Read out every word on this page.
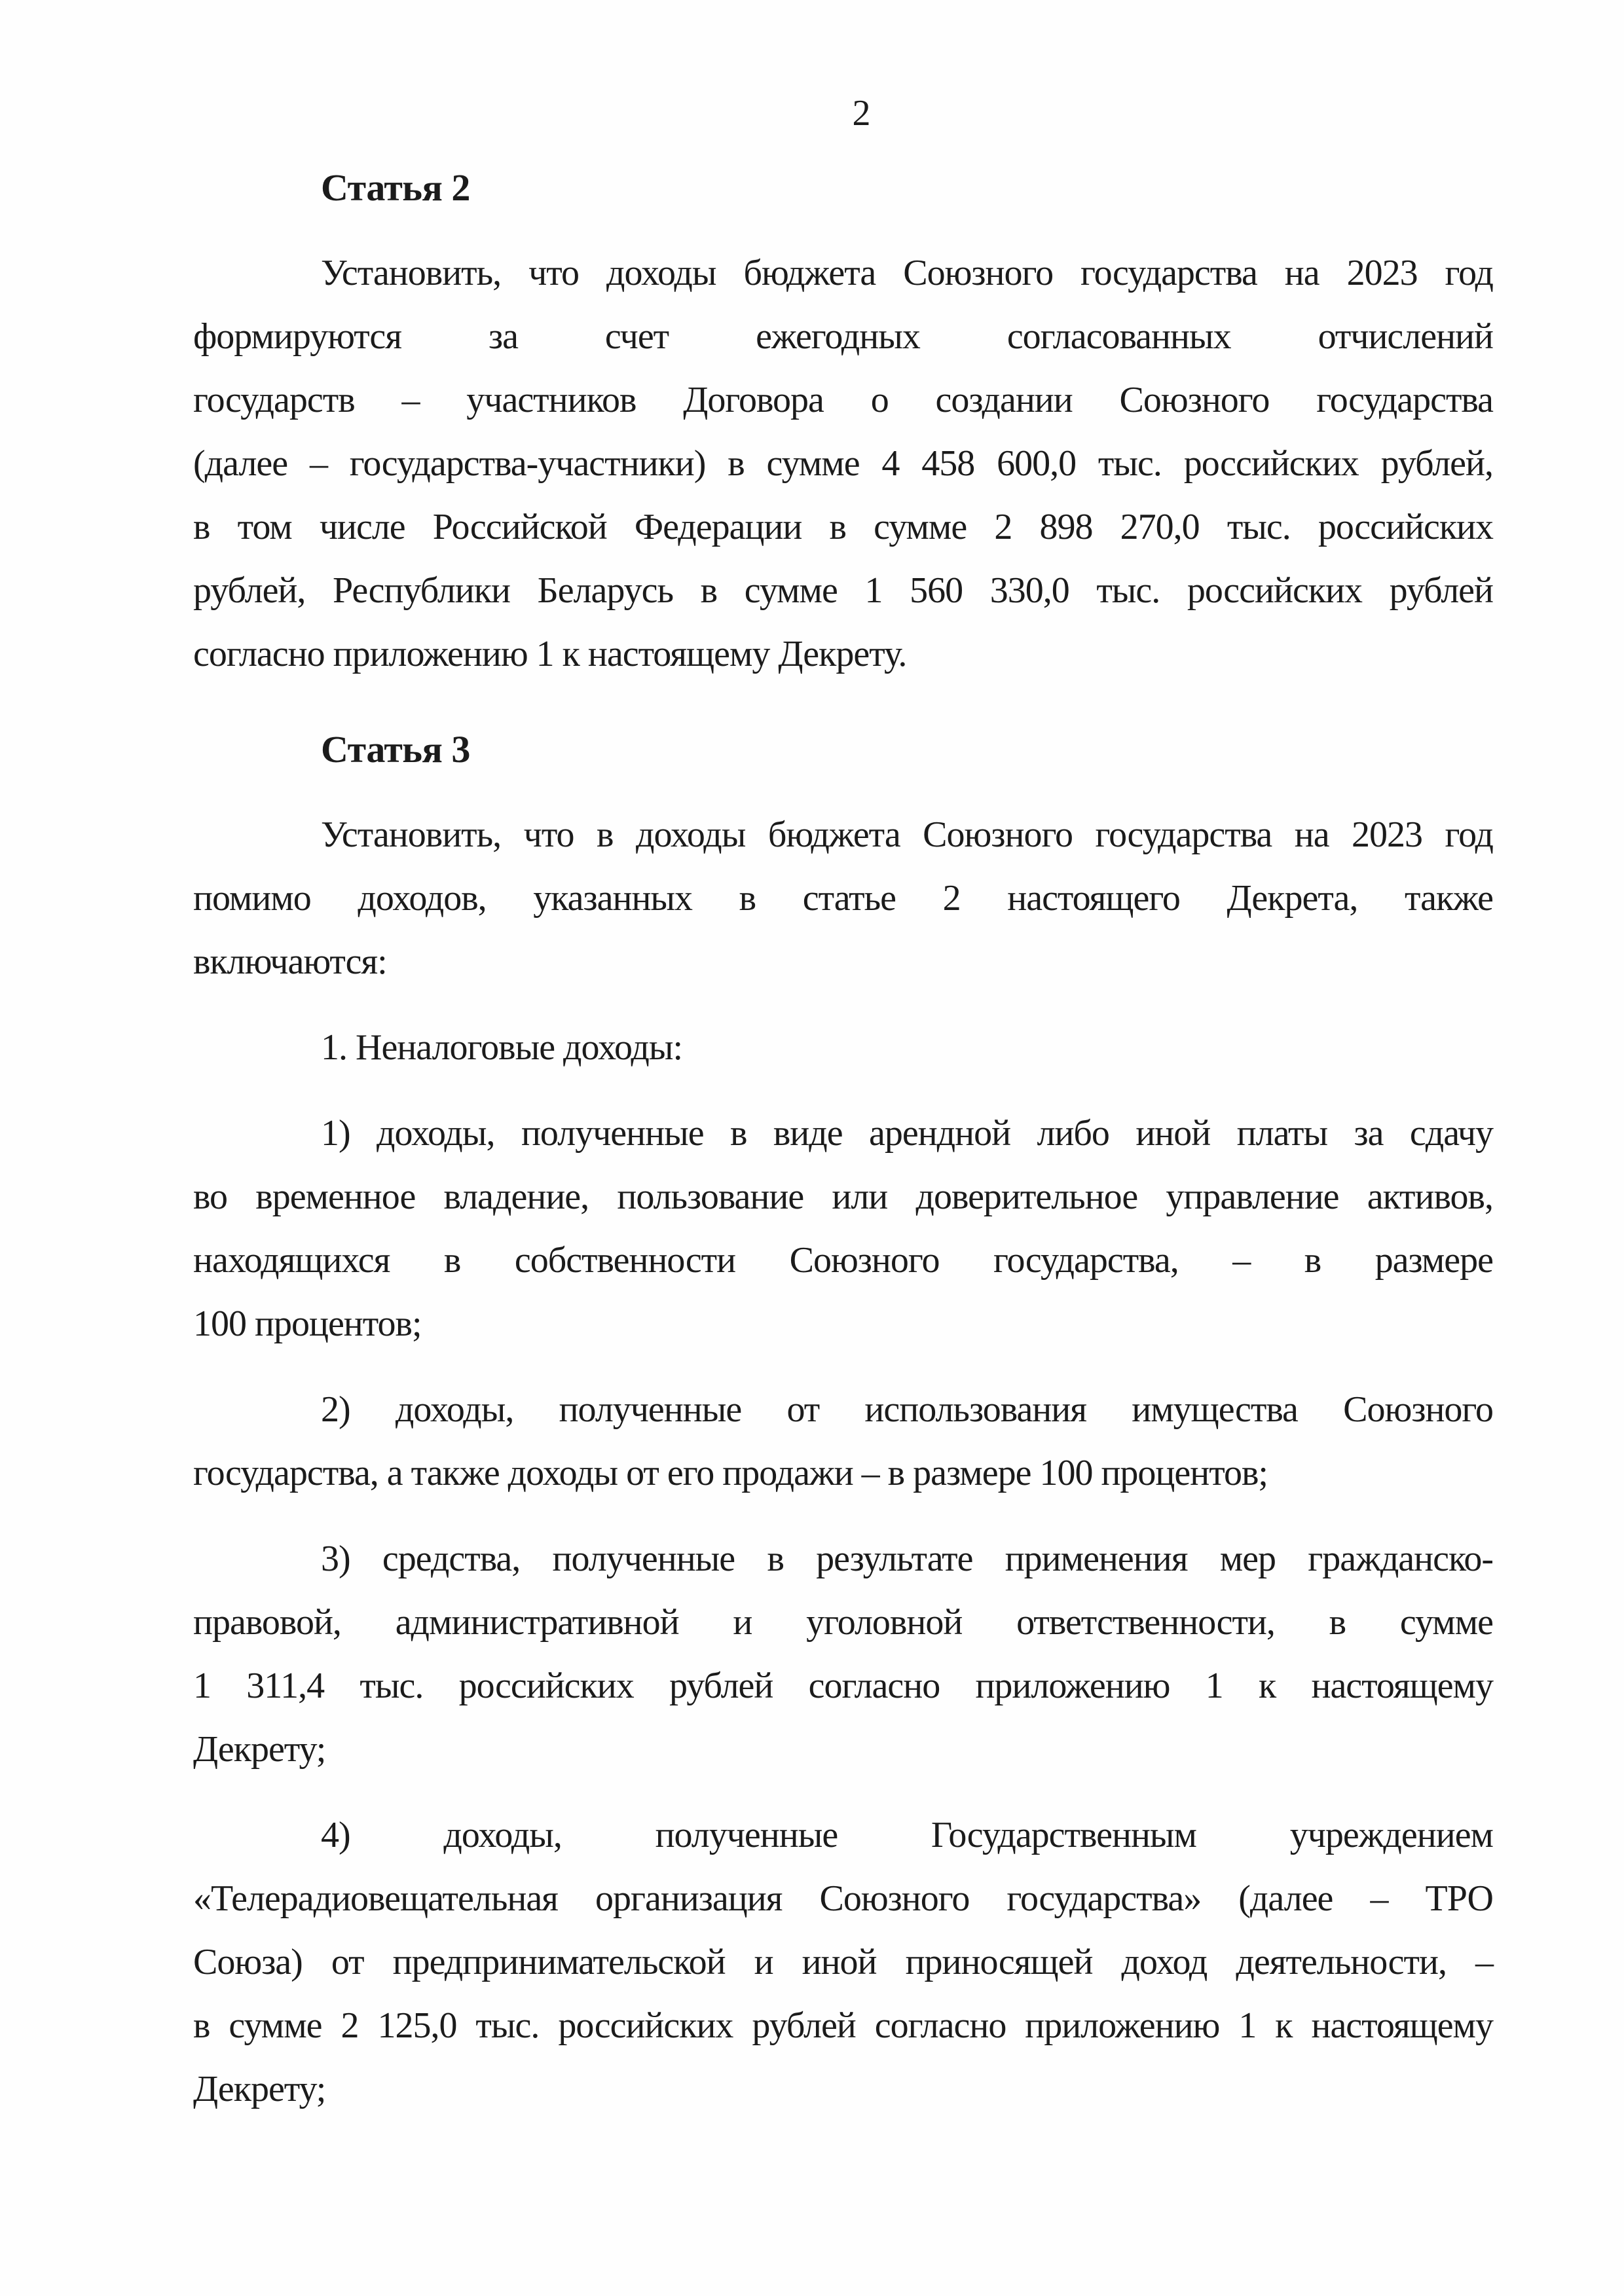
2
Статья 2
Установить, что доходы бюджета Союзного государства на 2023 год
формируются за счет ежегодных согласованных отчислений
государств – участников Договора о создании Союзного государства
(далее – государства-участники) в сумме 4 458 600,0 тыс. российских рублей,
в том числе Российской Федерации в сумме 2 898 270,0 тыс. российских
рублей, Республики Беларусь в сумме 1 560 330,0 тыс. российских рублей
согласно приложению 1 к настоящему Декрету.
Статья 3
Установить, что в доходы бюджета Союзного государства на 2023 год
помимо доходов, указанных в статье 2 настоящего Декрета, также
включаются:
1. Неналоговые доходы:
1) доходы, полученные в виде арендной либо иной платы за сдачу
во временное владение, пользование или доверительное управление активов,
находящихся в собственности Союзного государства, – в размере
100 процентов;
2) доходы, полученные от использования имущества Союзного
государства, а также доходы от его продажи – в размере 100 процентов;
3) средства, полученные в результате применения мер гражданско-
правовой, административной и уголовной ответственности, в сумме
1 311,4 тыс. российских рублей согласно приложению 1 к настоящему
Декрету;
4) доходы, полученные Государственным учреждением
«Телерадиовещательная организация Союзного государства» (далее – ТРО
Союза) от предпринимательской и иной приносящей доход деятельности, –
в сумме 2 125,0 тыс. российских рублей согласно приложению 1 к настоящему
Декрету;
